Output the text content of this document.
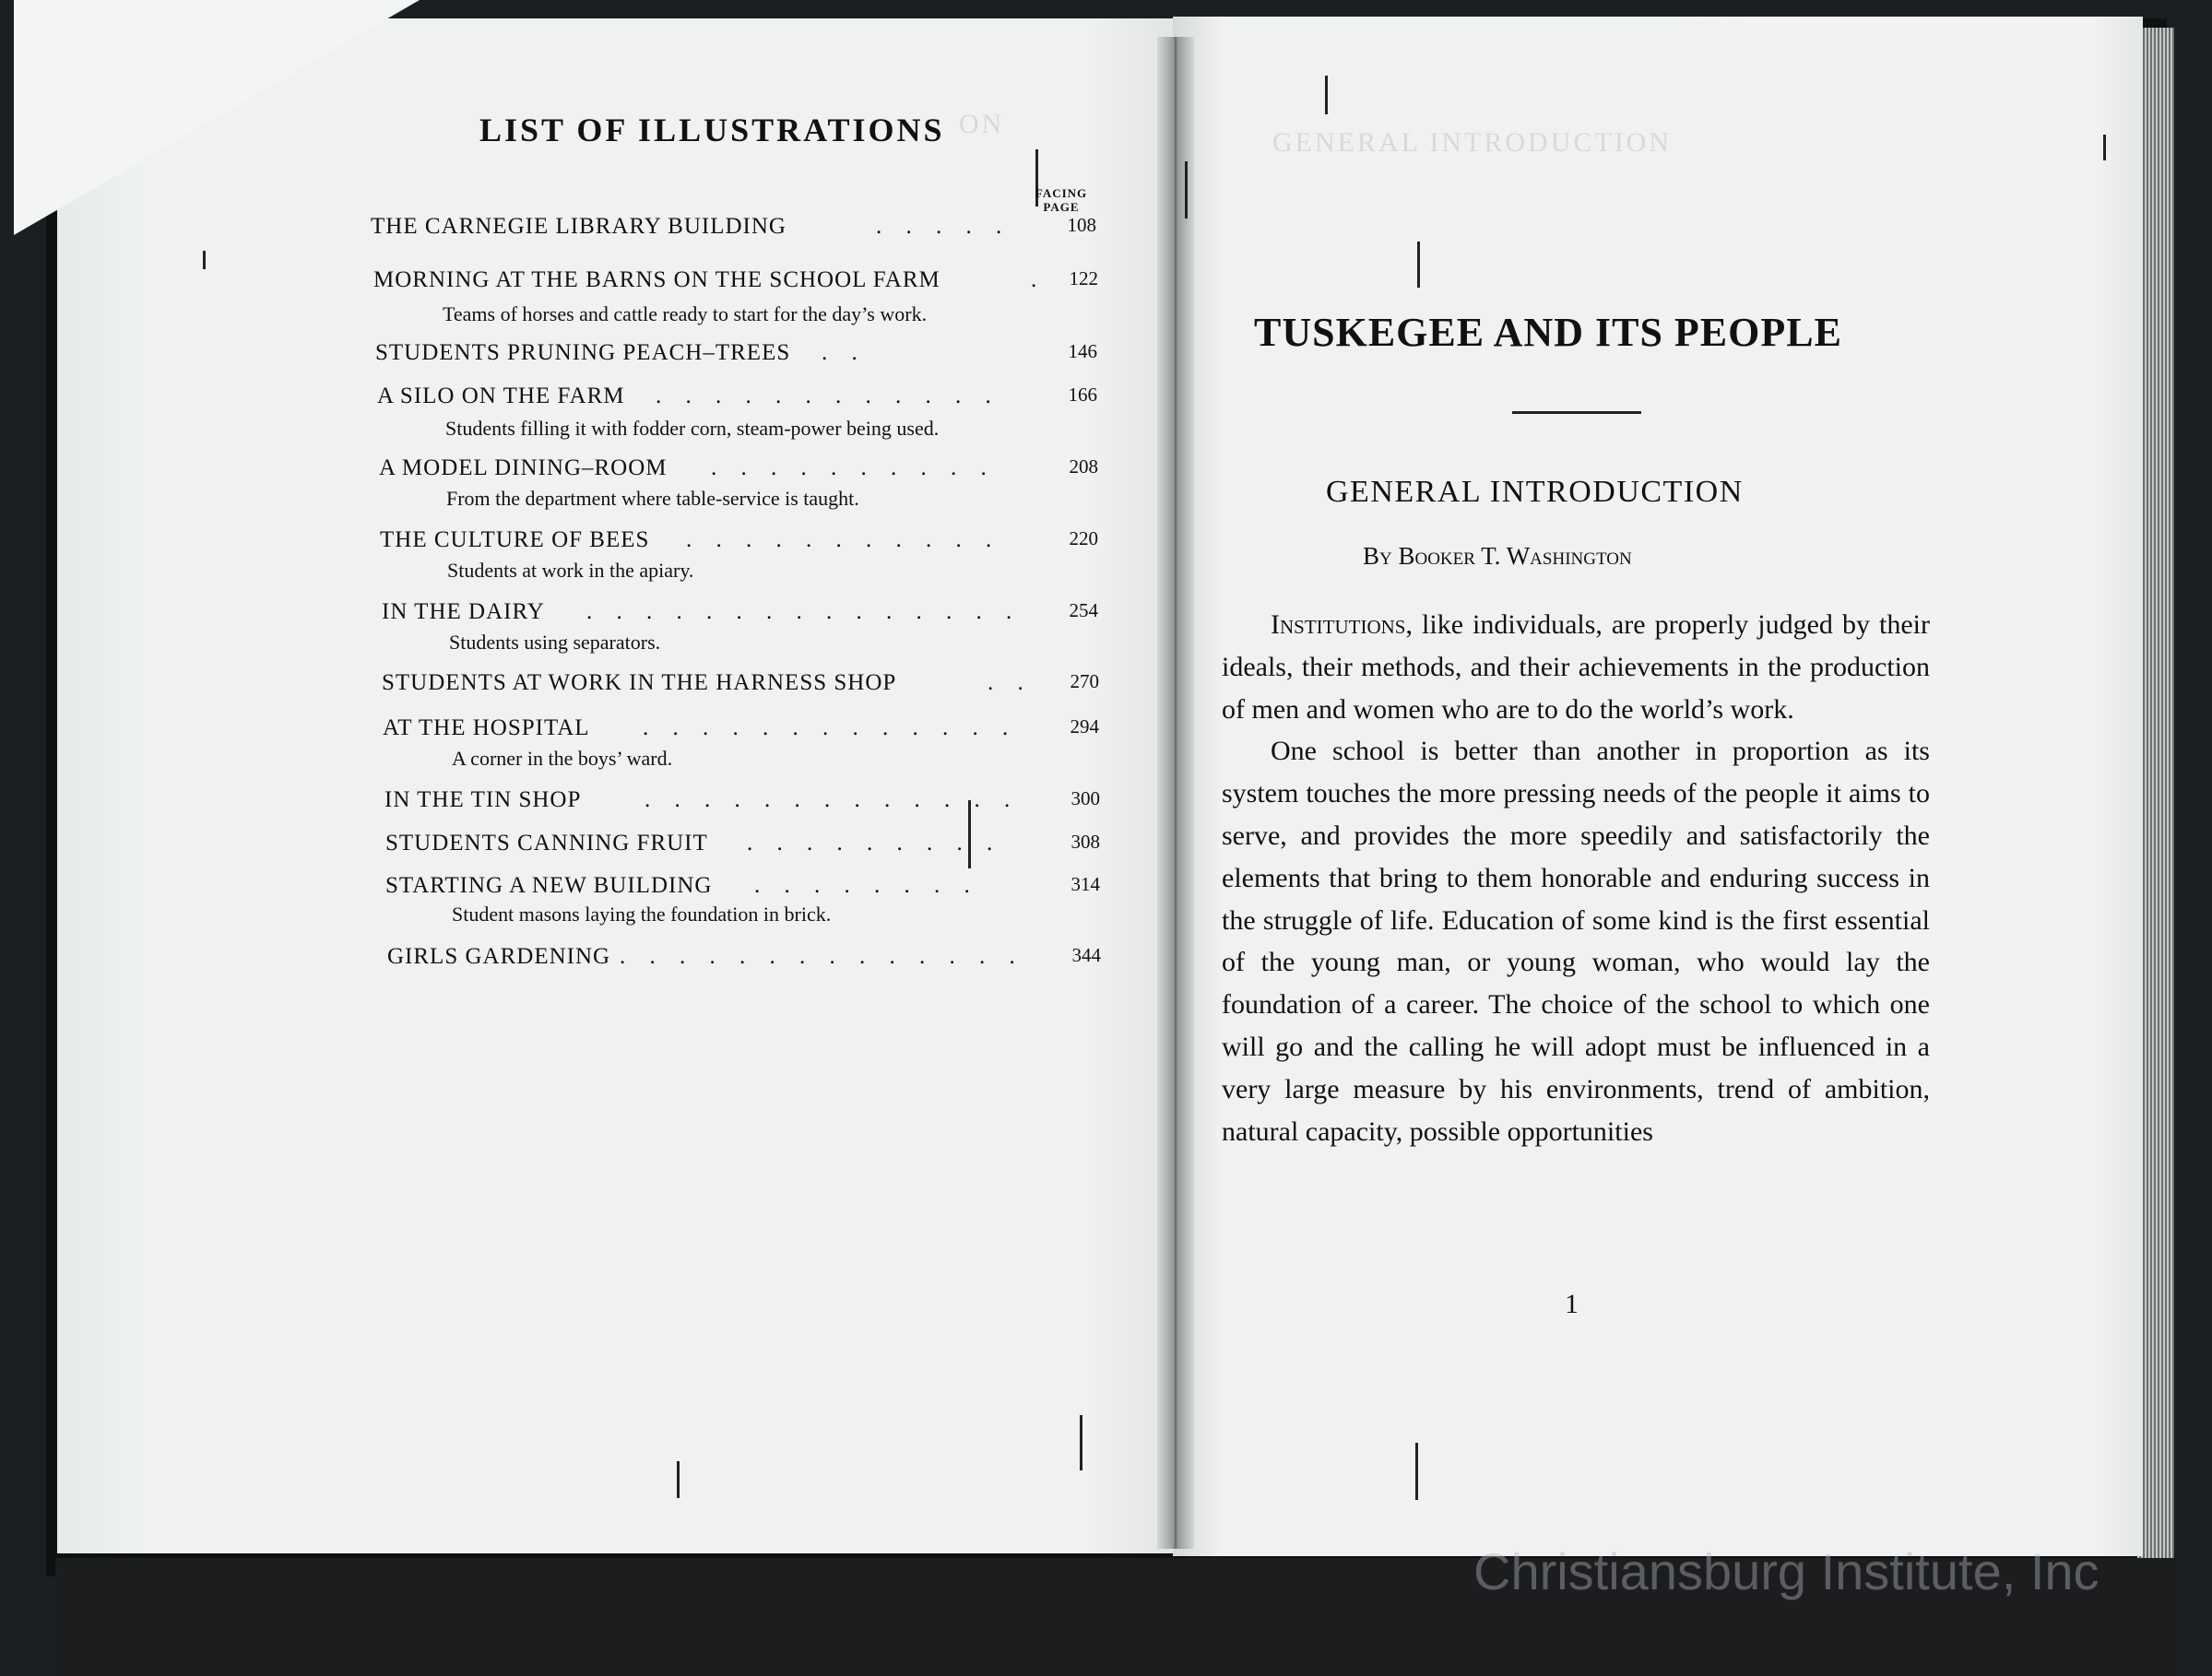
GENERAL INTRODUCTION
ON
LIST OF ILLUSTRATIONS
FACING PAGE
THE CARNEGIE LIBRARY BUILDING	. . . . .	108
MORNING AT THE BARNS ON THE SCHOOL FARM	. 122
Teams of horses and cattle ready to start for the day’s work.
STUDENTS PRUNING PEACH–TREES . .	146
A SILO ON THE FARM . . . . . . . . . . . .	166
Students filling it with fodder corn, steam-power being used.
A MODEL DINING–ROOM . . . . . . . . . .	208
From the department where table-service is taught.
THE CULTURE OF BEES . . . . . . . . . . .	220
Students at work in the apiary.
IN THE DAIRY . . . . . . . . . . . . . . . 254
Students using separators.
STUDENTS AT WORK IN THE HARNESS SHOP	. . 270
AT THE HOSPITAL . . . . . . . . . . . . .	294
A corner in the boys’ ward.
IN THE TIN SHOP	. . . . . . . . . . . . .	300
STUDENTS CANNING FRUIT . . . . . . . . .	308
STARTING A NEW BUILDING . . . . . . . .	314
Student masons laying the foundation in brick.
GIRLS GARDENING . . . . . . . . . . . . . . 344
TUSKEGEE AND ITS PEOPLE
GENERAL INTRODUCTION
By Booker T. Washington

Institutions, like individuals, are properly judged by their ideals, their methods, and their achievements in the production of men and women who are to do the world’s work.

One school is better than another in proportion as its system touches the more pressing needs of the people it aims to serve, and provides the more speedily and satisfactorily the elements that bring to them honorable and enduring success in the struggle of life. Education of some kind is the first essential of the young man, or young woman, who would lay the foundation of a career. The choice of the school to which one will go and the calling he will adopt must be influenced in a very large measure by his environments, trend of ambition, natural capacity, possible opportunities

1
Christiansburg Institute, Inc
